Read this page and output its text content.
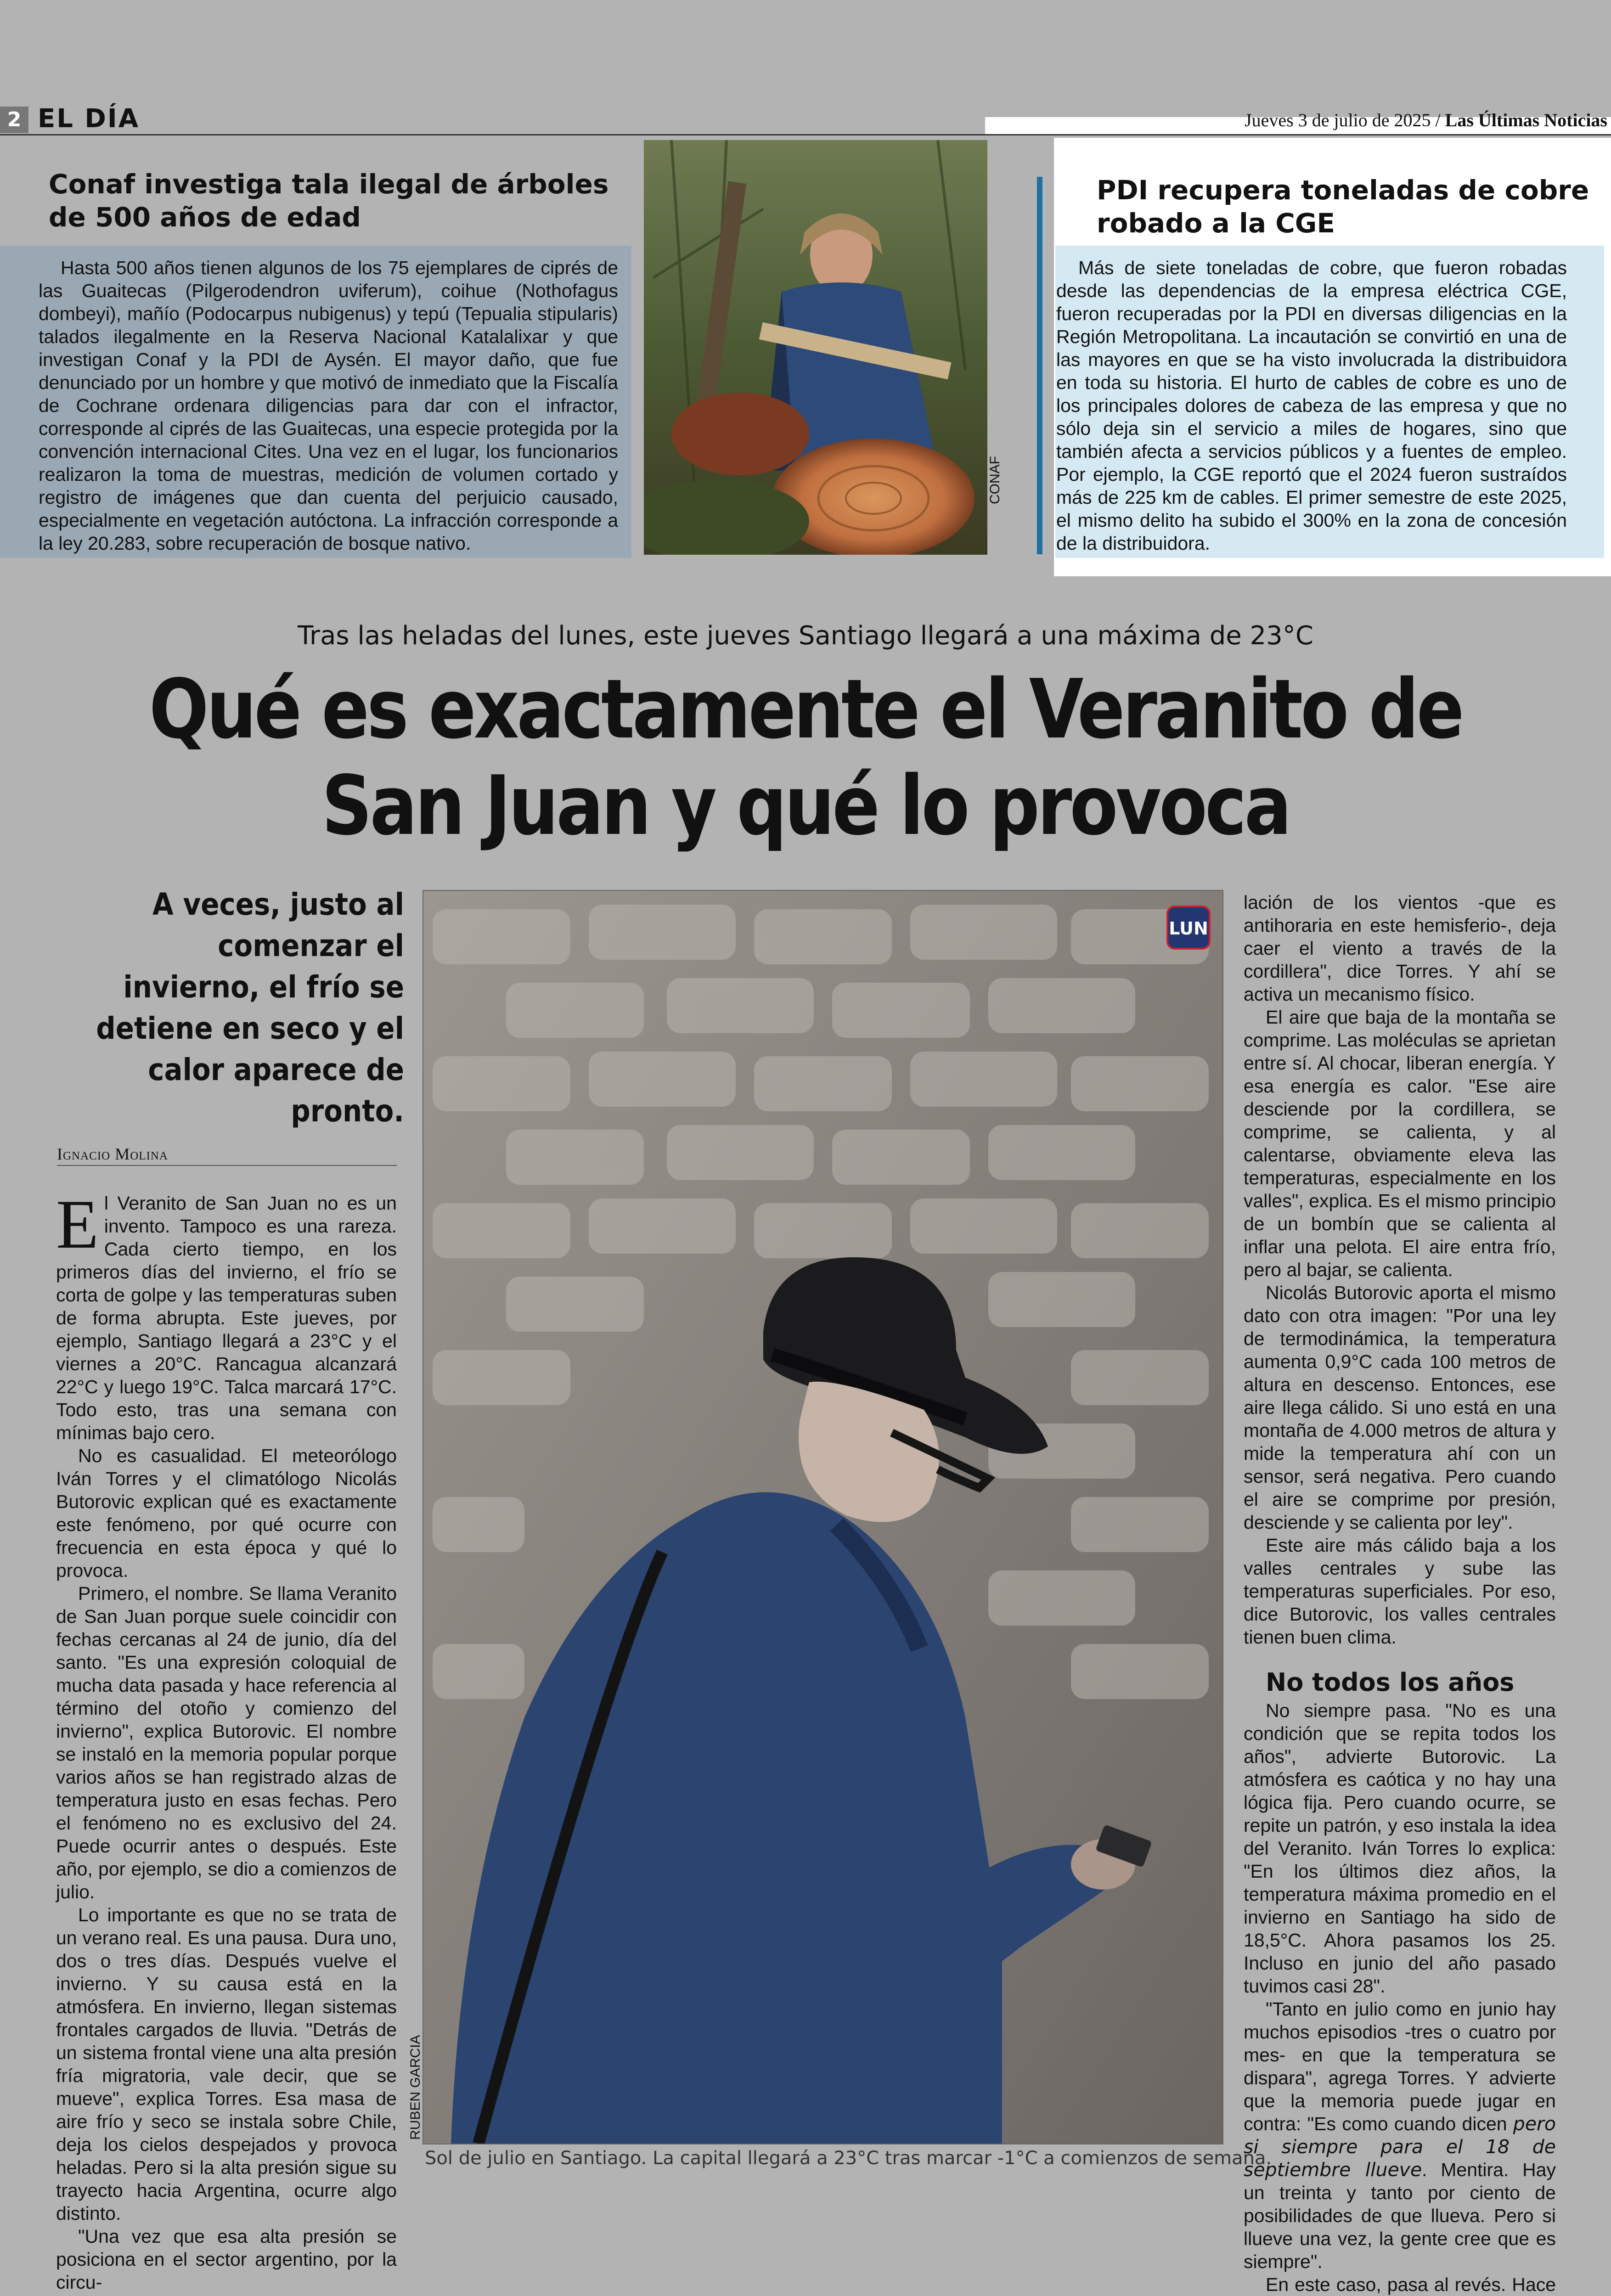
2 EL DÍA	Jueves 3 de julio de 2025 / Las Últimas Noticias
Conaf investiga tala ilegal de árboles de 500 años de edad
Hasta 500 años tienen algunos de los 75 ejemplares de ciprés de las Guaitecas (Pilgerodendron uviferum), coihue (Nothofagus dombeyi), mañío (Podocarpus nubigenus) y tepú (Tepualia stipularis) talados ilegalmente en la Reserva Nacional Katalalixar y que investigan Conaf y la PDI de Aysén. El mayor daño, que fue denunciado por un hombre y que motivó de inmediato que la Fiscalía de Cochrane ordenara diligencias para dar con el infractor, corresponde al ciprés de las Guaitecas, una especie protegida por la convención internacional Cites. Una vez en el lugar, los funcionarios realizaron la toma de muestras, medición de volumen cortado y registro de imágenes que dan cuenta del perjuicio causado, especialmente en vegetación autóctona. La infracción corresponde a la ley 20.283, sobre recuperación de bosque nativo.
CONAF
PDI recupera toneladas de cobre robado a la CGE
Más de siete toneladas de cobre, que fueron robadas desde las dependencias de la empresa eléctrica CGE, fueron recuperadas por la PDI en diversas diligencias en la Región Metropolitana. La incautación se convirtió en una de las mayores en que se ha visto involucrada la distribuidora en toda su historia. El hurto de cables de cobre es uno de los principales dolores de cabeza de las empresa y que no sólo deja sin el servicio a miles de hogares, sino que también afecta a servicios públicos y a fuentes de empleo. Por ejemplo, la CGE reportó que el 2024 fueron sustraídos más de 225 km de cables. El primer semestre de este 2025, el mismo delito ha subido el 300% en la zona de concesión de la distribuidora.
Tras las heladas del lunes, este jueves Santiago llegará a una máxima de 23°C
Qué es exactamente el Veranito de
San Juan y qué lo provoca
A veces, justo al comenzar el invierno, el frío se detiene en seco y el calor aparece de pronto.
Ignacio Molina

El Veranito de San Juan no es un invento. Tampoco es una rareza. Cada cierto tiempo, en los primeros días del invierno, el frío se corta de golpe y las temperaturas suben de forma abrupta. Este jueves, por ejemplo, Santiago llegará a 23°C y el viernes a 20°C. Rancagua alcanzará 22°C y luego 19°C. Talca marcará 17°C. Todo esto, tras una semana con mínimas bajo cero.

No es casualidad. El meteorólogo Iván Torres y el climatólogo Nicolás Butorovic explican qué es exactamente este fenómeno, por qué ocurre con frecuencia en esta época y qué lo provoca.

Primero, el nombre. Se llama Veranito de San Juan porque suele coincidir con fechas cercanas al 24 de junio, día del santo. "Es una expresión coloquial de mucha data pasada y hace referencia al término del otoño y comienzo del invierno", explica Butorovic. El nombre se instaló en la memoria popular porque varios años se han registrado alzas de temperatura justo en esas fechas. Pero el fenómeno no es exclusivo del 24. Puede ocurrir antes o después. Este año, por ejemplo, se dio a comienzos de julio.

Lo importante es que no se trata de un verano real. Es una pausa. Dura uno, dos o tres días. Después vuelve el invierno. Y su causa está en la atmósfera. En invierno, llegan sistemas frontales cargados de lluvia. "Detrás de un sistema frontal viene una alta presión fría migratoria, vale decir, que se mueve", explica Torres. Esa masa de aire frío y seco se instala sobre Chile, deja los cielos despejados y provoca heladas. Pero si la alta presión sigue su trayecto hacia Argentina, ocurre algo distinto.

"Una vez que esa alta presión se posiciona en el sector argentino, por la circu-

LUN
RUBEN GARCIA
Sol de julio en Santiago. La capital llegará a 23°C tras marcar -1°C a comienzos de semana.

lación de los vientos -que es antihoraria en este hemisferio-, deja caer el viento a través de la cordillera", dice Torres. Y ahí se activa un mecanismo físico.

El aire que baja de la montaña se comprime. Las moléculas se aprietan entre sí. Al chocar, liberan energía. Y esa energía es calor. "Ese aire desciende por la cordillera, se comprime, se calienta, y al calentarse, obviamente eleva las temperaturas, especialmente en los valles", explica. Es el mismo principio de un bombín que se calienta al inflar una pelota. El aire entra frío, pero al bajar, se calienta.

Nicolás Butorovic aporta el mismo dato con otra imagen: "Por una ley de termodinámica, la temperatura aumenta 0,9°C cada 100 metros de altura en descenso. Entonces, ese aire llega cálido. Si uno está en una montaña de 4.000 metros de altura y mide la temperatura ahí con un sensor, será negativa. Pero cuando el aire se comprime por presión, desciende y se calienta por ley".

Este aire más cálido baja a los valles centrales y sube las temperaturas superficiales. Por eso, dice Butorovic, los valles centrales tienen buen clima.

No todos los años

No siempre pasa. "No es una condición que se repita todos los años", advierte Butorovic. La atmósfera es caótica y no hay una lógica fija. Pero cuando ocurre, se repite un patrón, y eso instala la idea del Veranito. Iván Torres lo explica: "En los últimos diez años, la temperatura máxima promedio en el invierno en Santiago ha sido de 18,5°C. Ahora pasamos los 25. Incluso en junio del año pasado tuvimos casi 28".

"Tanto en julio como en junio hay muchos episodios -tres o cuatro por mes- en que la temperatura se dispara", agrega Torres. Y advierte que la memoria puede jugar en contra: "Es como cuando dicen pero si siempre para el 18 de septiembre llueve. Mentira. Hay un treinta y tanto por ciento de posibilidades de que llueva. Pero si llueve una vez, la gente cree que es siempre".

En este caso, pasa al revés. Hace
